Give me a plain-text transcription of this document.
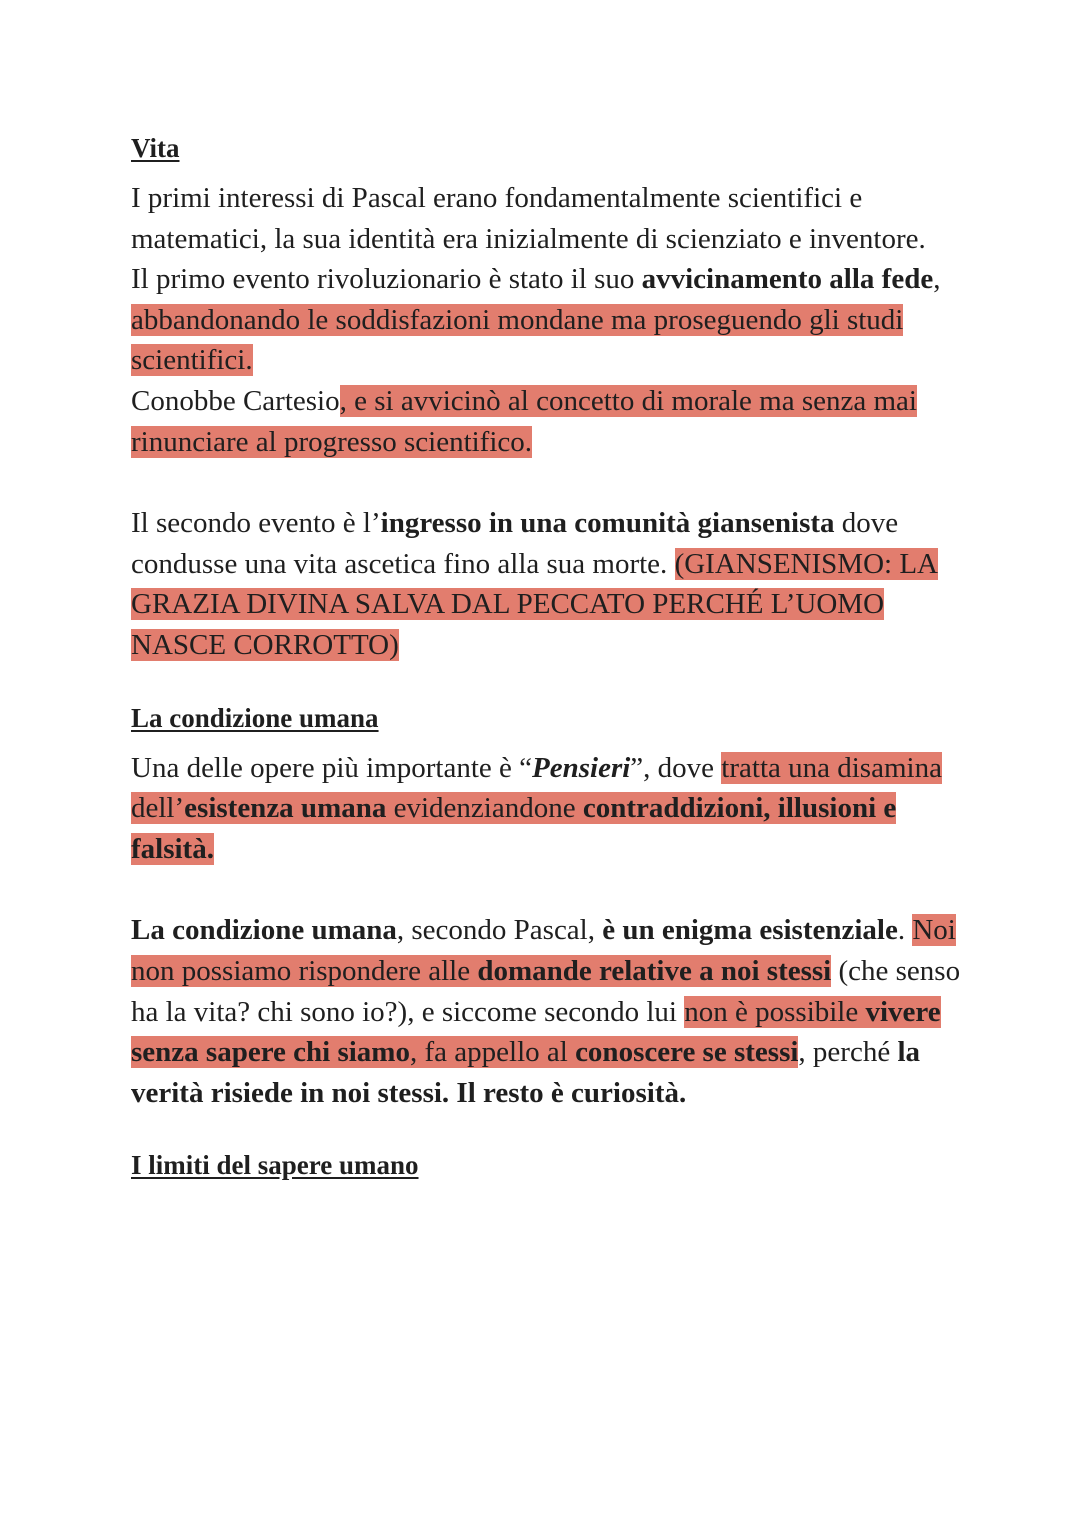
Vita

I primi interessi di Pascal erano fondamentalmente scientifici e matematici, la sua identità era inizialmente di scienziato e inventore.

Il primo evento rivoluzionario è stato il suo avvicinamento alla fede, abbandonando le soddisfazioni mondane ma proseguendo gli studi scientifici.

Conobbe Cartesio, e si avvicinò al concetto di morale ma senza mai rinunciare al progresso scientifico.

Il secondo evento è l’ingresso in una comunità giansenista dove condusse una vita ascetica fino alla sua morte. (GIANSENISMO: LA GRAZIA DIVINA SALVA DAL PECCATO PERCHÉ L’UOMO NASCE CORROTTO)

La condizione umana

Una delle opere più importante è “Pensieri”, dove tratta una disamina dell’esistenza umana evidenziandone contraddizioni, illusioni e falsità.

La condizione umana, secondo Pascal, è un enigma esistenziale. Noi non possiamo rispondere alle domande relative a noi stessi (che senso ha la vita? chi sono io?), e siccome secondo lui non è possibile vivere senza sapere chi siamo, fa appello al conoscere se stessi, perché la verità risiede in noi stessi. Il resto è curiosità.

I limiti del sapere umano
